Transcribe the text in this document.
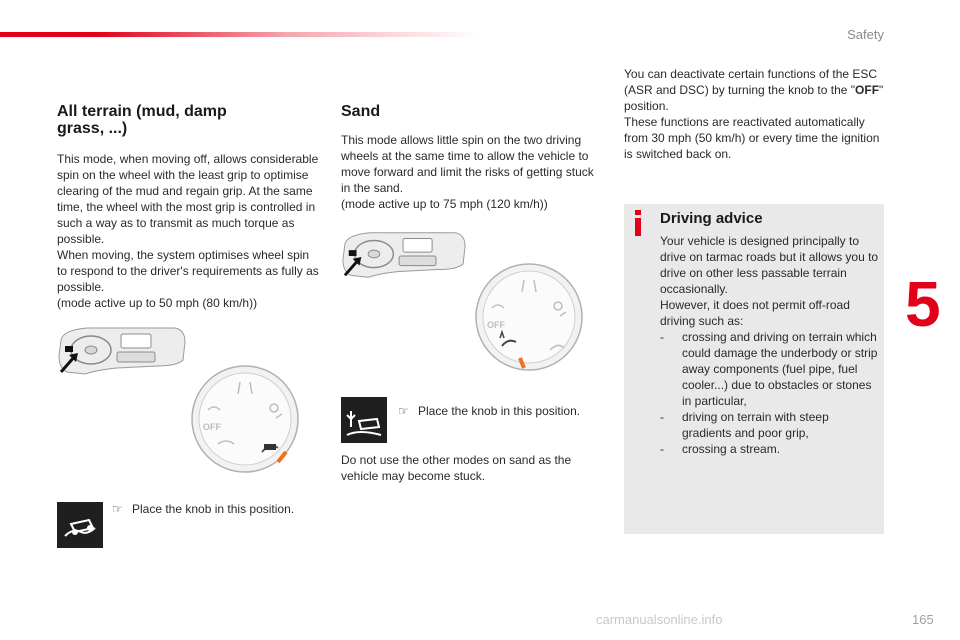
Safety
5
165
All terrain (mud, damp
grass, ...)

This mode, when moving off, allows considerable spin on the wheel with the least grip to optimise clearing of the mud and regain grip. At the same time, the wheel with the most grip is controlled in such a way as to transmit as much torque as possible.
When moving, the system optimises wheel spin to respond to the driver's requirements as fully as possible.
(mode active up to 50 mph (80 km/h))

OFF
☞ Place the knob in this position.
Sand

This mode allows little spin on the two driving wheels at the same time to allow the vehicle to move forward and limit the risks of getting stuck in the sand.
(mode active up to 75 mph (120 km/h))

OFF
☞ Place the knob in this position.
Do not use the other modes on sand as the vehicle may become stuck.

You can deactivate certain functions of the ESC (ASR and DSC) by turning the knob to the "OFF" position.
These functions are reactivated automatically from 30 mph (50 km/h) or every time the ignition is switched back on.

Driving advice

Your vehicle is designed principally to drive on tarmac roads but it allows you to drive on other less passable terrain occasionally.
However, it does not permit off-road driving such as:

- crossing and driving on terrain which could damage the underbody or strip away components (fuel pipe, fuel cooler...) due to obstacles or stones in particular,
- driving on terrain with steep gradients and poor grip,
- crossing a stream.
carmanualsonline.info
